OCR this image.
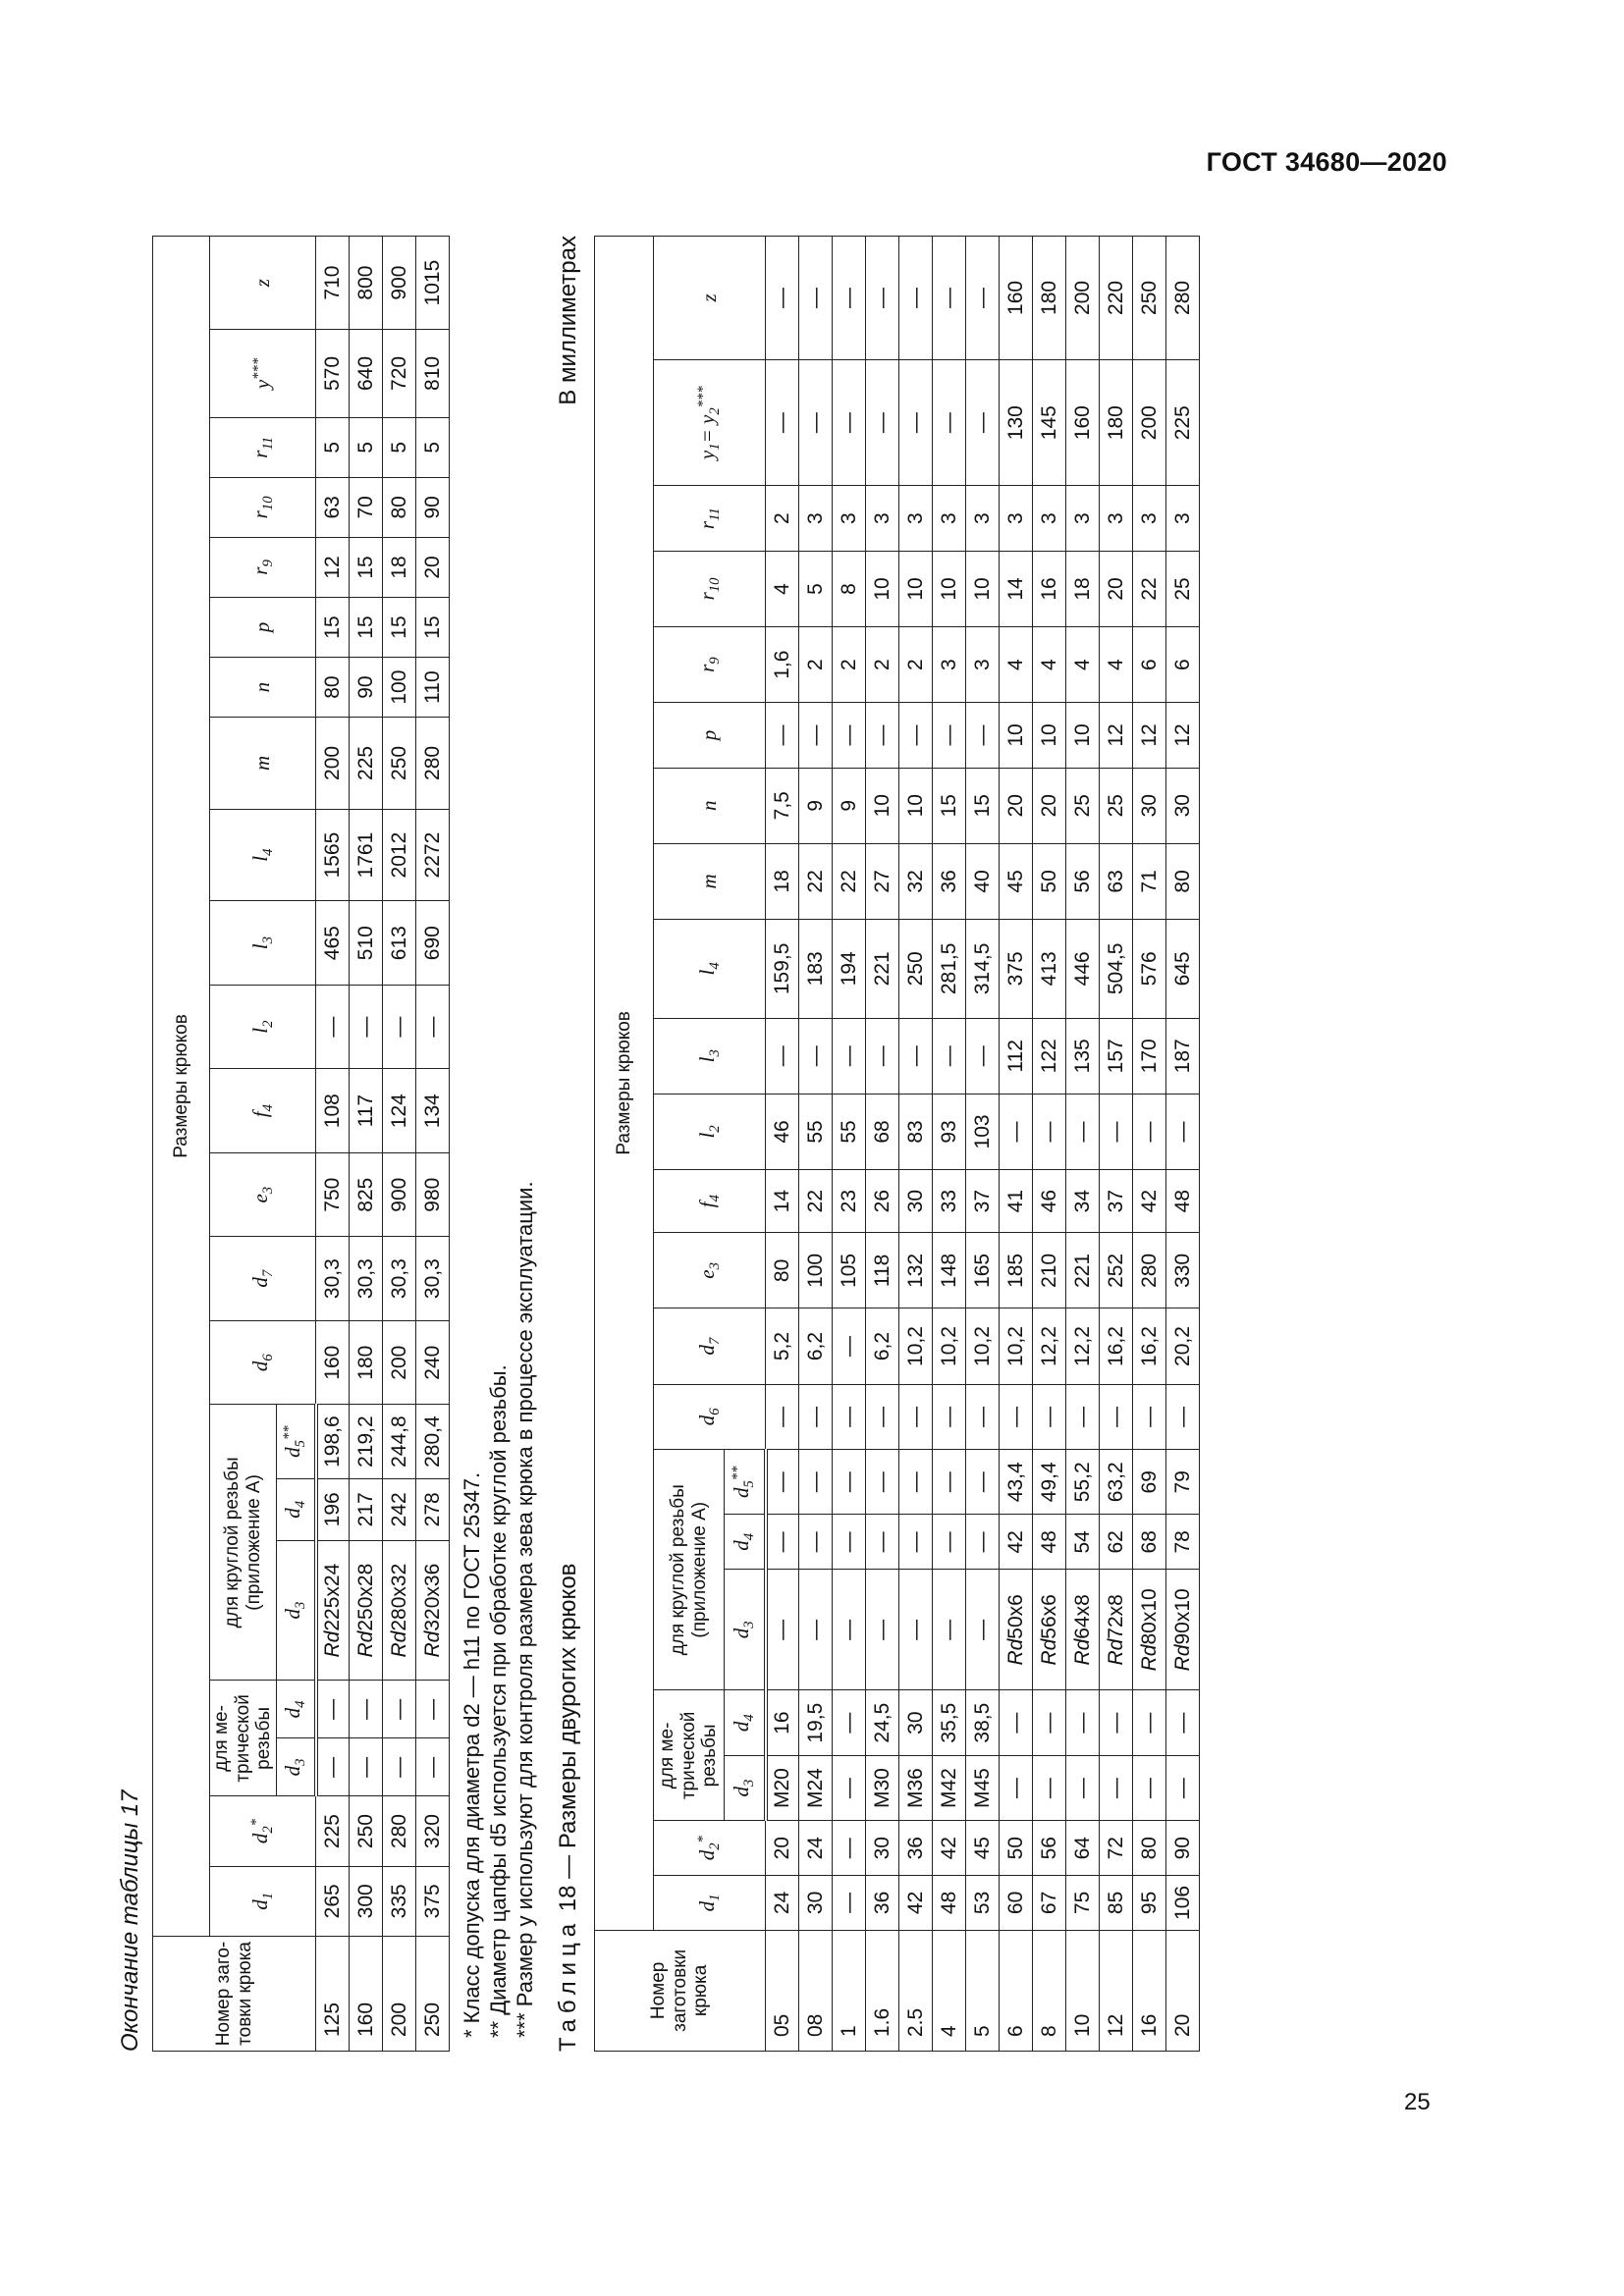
ГОСТ 34680—2020
Окончание таблицы 17	Номер заго-товки крюка	Размеры крюков																					
	$d_1$	$d_2^*$	для ме-трической резьбы		для круглой резьбы (приложение А)			$d_6$	$d_7$	$e_3$	$f_4$	$l_2$	$l_3$	$l_4$	m	n	p	$r_9$	$r_{10}$	$r_{11}$	y***	z
			$d_3$	$d_4$	$d_3$	$d_4$	$d_5^{**}$
125	265	225	—	—	Rd225x24	196	198,6	160	30,3	750	108	—	465	1565	200	80	15	12	63	5	570	710
160	300	250	—	—	Rd250x28	217	219,2	180	30,3	825	117	—	510	1761	225	90	15	15	70	5	640	800
200	335	280	—	—	Rd280x32	242	244,8	200	30,3	900	124	—	613	2012	250	100	15	18	80	5	720	900
250	375	320	—	—	Rd320x36	278	280,4	240	30,3	980	134	—	690	2272	280	110	15	20	90	5	810	1015
* Класс допуска для диаметра d2 — h11 по ГОСТ 25347. ** Диаметр цапфы d5 используется при обработке круглой резьбы. *** Размер y используют для контроля размера зева крюка в процессе эксплуатации. Таблица 18 — Размеры двурогих крюков
В миллиметрах
Номер заготовки крюка	Размеры крюков																					
	$d_1$	$d_2^*$	для ме-трической резьбы		для круглой резьбы (приложение А)			$d_6$	$d_7$	$e_3$	$f_4$	$l_2$	$l_3$	$l_4$	m	n	p	$r_9$	$r_{10}$	$r_{11}$	$y_1= y_2^{***}$	z
			$d_3$	$d_4$	$d_3$	$d_4$	$d_5^{**}$
05	24	20	M20	16	—	—	—	—	5,2	80	14	46	—	159,5	18	7,5	—	1,6	4	2	—	—
08	30	24	M24	19,5	—	—	—	—	6,2	100	22	55	—	183	22	9	—	2	5	3	—	—
1	—	—	—	—	—	—	—	—	—	105	23	55	—	194	22	9	—	2	8	3	—	—
1.6	36	30	M30	24,5	—	—	—	—	6,2	118	26	68	—	221	27	10	—	2	10	3	—	—
2.5	42	36	M36	30	—	—	—	—	10,2	132	30	83	—	250	32	10	—	2	10	3	—	—
4	48	42	M42	35,5	—	—	—	—	10,2	148	33	93	—	281,5	36	15	—	3	10	3	—	—
5	53	45	M45	38,5	—	—	—	—	10,2	165	37	103	—	314,5	40	15	—	3	10	3	—	—
6	60	50	—	—	Rd50x6	42	43,4	—	10,2	185	41	—	112	375	45	20	10	4	14	3	130	160
8	67	56	—	—	Rd56x6	48	49,4	—	12,2	210	46	—	122	413	50	20	10	4	16	3	145	180
10	75	64	—	—	Rd64x8	54	55,2	—	12,2	221	34	—	135	446	56	25	10	4	18	3	160	200
12	85	72	—	—	Rd72x8	62	63,2	—	16,2	252	37	—	157	504,5	63	25	12	4	20	3	180	220
16	95	80	—	—	Rd80x10	68	69	—	16,2	280	42	—	170	576	71	30	12	6	22	3	200	250
20	106	90	—	—	Rd90x10	78	79	—	20,2	330	48	—	187	645	80	30	12	6	25	3	225	280
25
